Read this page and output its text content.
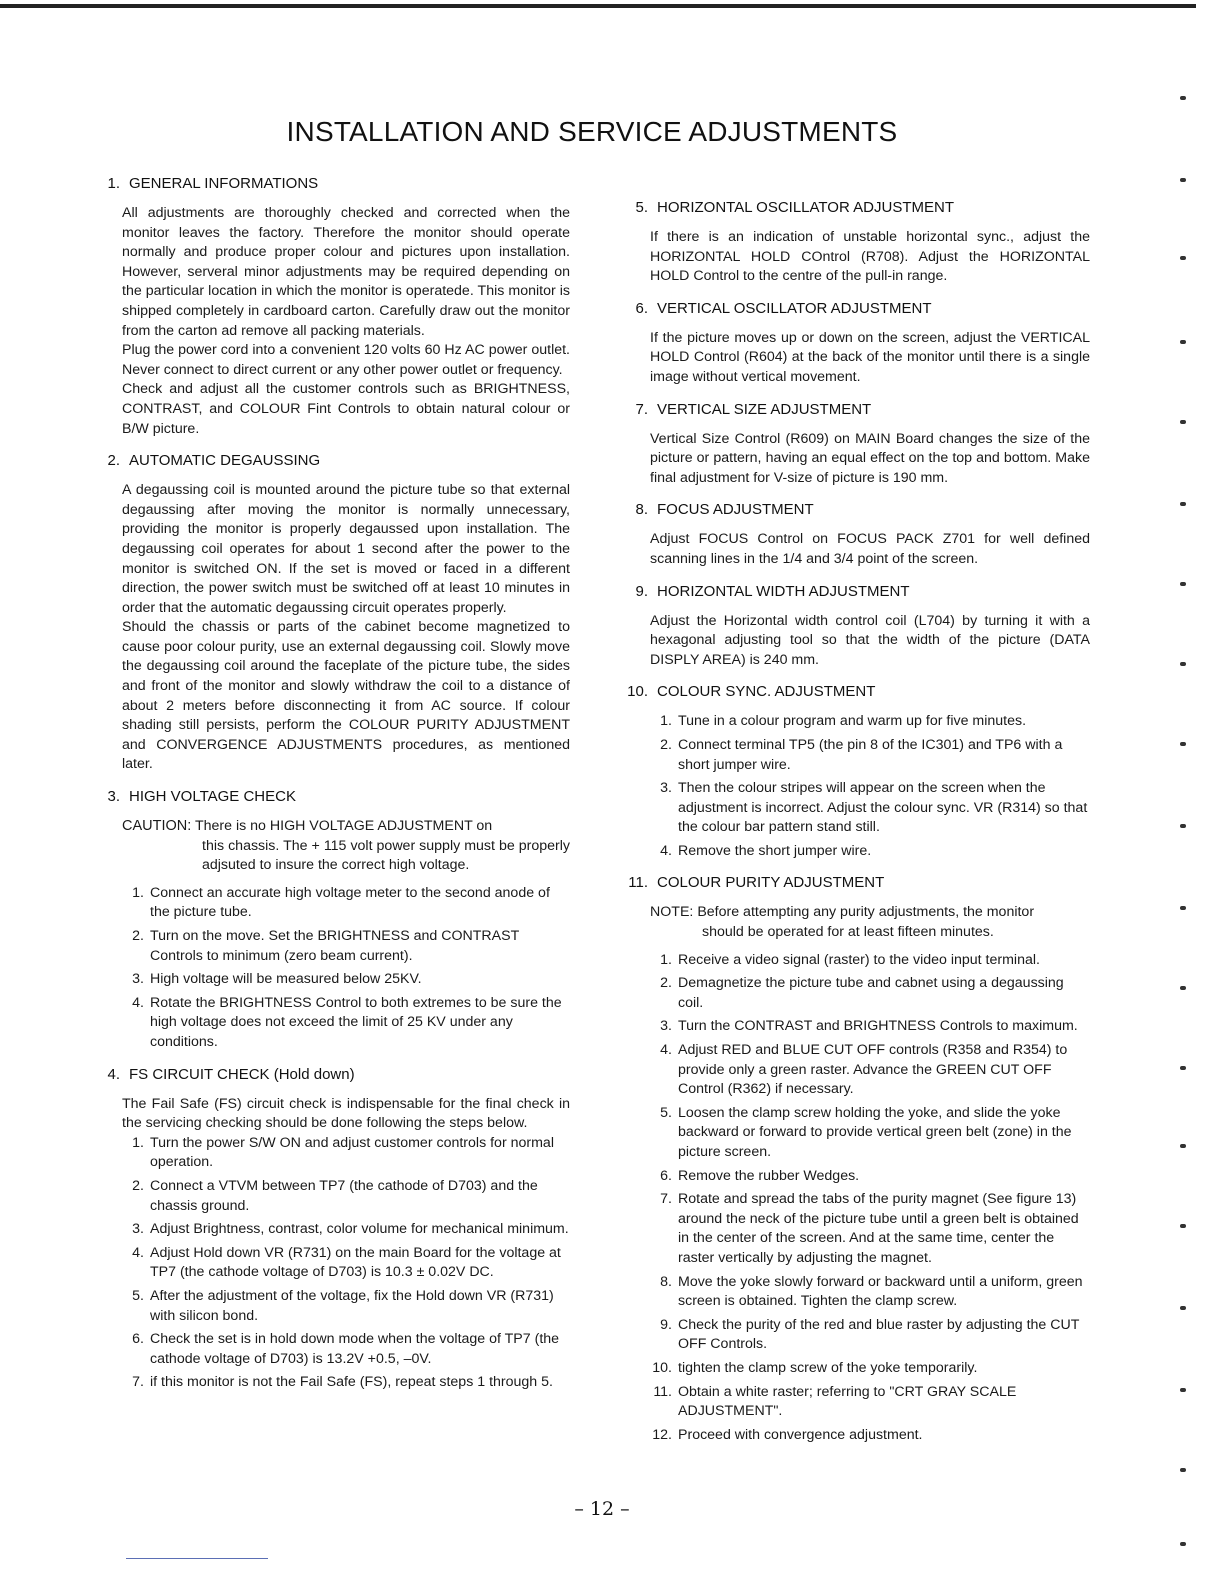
INSTALLATION AND SERVICE ADJUSTMENTS
1. GENERAL INFORMATIONS

All adjustments are thoroughly checked and corrected when the monitor leaves the factory. Therefore the monitor should operate normally and produce proper colour and pictures upon installation. However, serveral minor adjustments may be required depending on the particular location in which the monitor is operatede. This monitor is shipped completely in cardboard carton. Carefully draw out the monitor from the carton ad remove all packing materials.

Plug the power cord into a convenient 120 volts 60 Hz AC power outlet. Never connect to direct current or any other power outlet or frequency.

Check and adjust all the customer controls such as BRIGHTNESS, CONTRAST, and COLOUR Fint Controls to obtain natural colour or B/W picture.

2. AUTOMATIC DEGAUSSING

A degaussing coil is mounted around the picture tube so that external degaussing after moving the monitor is normally unnecessary, providing the monitor is properly degaussed upon installation. The degaussing coil operates for about 1 second after the power to the monitor is switched ON. If the set is moved or faced in a different direction, the power switch must be switched off at least 10 minutes in order that the automatic degaussing circuit operates properly.

Should the chassis or parts of the cabinet become magnetized to cause poor colour purity, use an external degaussing coil. Slowly move the degaussing coil around the faceplate of the picture tube, the sides and front of the monitor and slowly withdraw the coil to a distance of about 2 meters before disconnecting it from AC source. If colour shading still persists, perform the COLOUR PURITY ADJUSTMENT and CONVERGENCE ADJUSTMENTS procedures, as mentioned later.

3. HIGH VOLTAGE CHECK
CAUTION: There is no HIGH VOLTAGE ADJUSTMENT on
this chassis. The + 115 volt power supply must be properly adjsuted to insure the correct high voltage.
1. Connect an accurate high voltage meter to the second anode of the picture tube.
2. Turn on the move. Set the BRIGHTNESS and CONTRAST Controls to minimum (zero beam current).
3. High voltage will be measured below 25KV.
4. Rotate the BRIGHTNESS Control to both extremes to be sure the high voltage does not exceed the limit of 25 KV under any conditions.
4. FS CIRCUIT CHECK (Hold down)

The Fail Safe (FS) circuit check is indispensable for the final check in the servicing checking should be done following the steps below.

1. Turn the power S/W ON and adjust customer controls for normal operation.
2. Connect a VTVM between TP7 (the cathode of D703) and the chassis ground.
3. Adjust Brightness, contrast, color volume for mechanical minimum.
4. Adjust Hold down VR (R731) on the main Board for the voltage at TP7 (the cathode voltage of D703) is 10.3 ± 0.02V DC.
5. After the adjustment of the voltage, fix the Hold down VR (R731) with silicon bond.
6. Check the set is in hold down mode when the voltage of TP7 (the cathode voltage of D703) is 13.2V +0.5, –0V.
7. if this monitor is not the Fail Safe (FS), repeat steps 1 through 5.
5. HORIZONTAL OSCILLATOR ADJUSTMENT

If there is an indication of unstable horizontal sync., adjust the HORIZONTAL HOLD COntrol (R708). Adjust the HORIZONTAL HOLD Control to the centre of the pull-in range.

6. VERTICAL OSCILLATOR ADJUSTMENT

If the picture moves up or down on the screen, adjust the VERTICAL HOLD Control (R604) at the back of the monitor until there is a single image without vertical movement.

7. VERTICAL SIZE ADJUSTMENT

Vertical Size Control (R609) on MAIN Board changes the size of the picture or pattern, having an equal effect on the top and bottom. Make final adjustment for V-size of picture is 190 mm.

8. FOCUS ADJUSTMENT

Adjust FOCUS Control on FOCUS PACK Z701 for well defined scanning lines in the 1/4 and 3/4 point of the screen.

9. HORIZONTAL WIDTH ADJUSTMENT

Adjust the Horizontal width control coil (L704) by turning it with a hexagonal adjusting tool so that the width of the picture (DATA DISPLY AREA) is 240 mm.

10. COLOUR SYNC. ADJUSTMENT
1. Tune in a colour program and warm up for five minutes.
2. Connect terminal TP5 (the pin 8 of the IC301) and TP6 with a short jumper wire.
3. Then the colour stripes will appear on the screen when the adjustment is incorrect. Adjust the colour sync. VR (R314) so that the colour bar pattern stand still.
4. Remove the short jumper wire.
11. COLOUR PURITY ADJUSTMENT
NOTE: Before attempting any purity adjustments, the monitor
should be operated for at least fifteen minutes.
1. Receive a video signal (raster) to the video input terminal.
2. Demagnetize the picture tube and cabnet using a degaussing coil.
3. Turn the CONTRAST and BRIGHTNESS Controls to maximum.
4. Adjust RED and BLUE CUT OFF controls (R358 and R354) to provide only a green raster. Advance the GREEN CUT OFF Control (R362) if necessary.
5. Loosen the clamp screw holding the yoke, and slide the yoke backward or forward to provide vertical green belt (zone) in the picture screen.
6. Remove the rubber Wedges.
7. Rotate and spread the tabs of the purity magnet (See figure 13) around the neck of the picture tube until a green belt is obtained in the center of the screen. And at the same time, center the raster vertically by adjusting the magnet.
8. Move the yoke slowly forward or backward until a uniform, green screen is obtained. Tighten the clamp screw.
9. Check the purity of the red and blue raster by adjusting the CUT OFF Controls.
10. tighten the clamp screw of the yoke temporarily.
11. Obtain a white raster; referring to "CRT GRAY SCALE ADJUSTMENT".
12. Proceed with convergence adjustment.
– 12 –
